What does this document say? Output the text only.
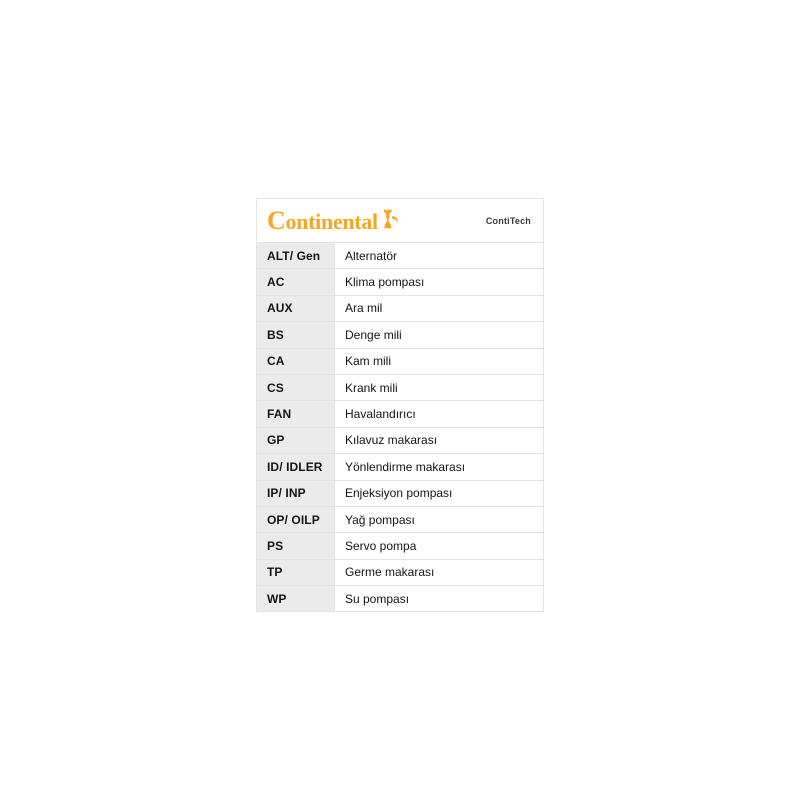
Continental	ContiTech
ALT/ Gen	Alternatör
AC	Klima pompası
AUX	Ara mil
BS	Denge mili
CA	Kam mili
CS	Krank mili
FAN	Havalandırıcı
GP	Kılavuz makarası
ID/ IDLER	Yönlendirme makarası
IP/ INP	Enjeksiyon pompası
OP/ OILP	Yağ pompası
PS	Servo pompa
TP	Germe makarası
WP	Su pompası
